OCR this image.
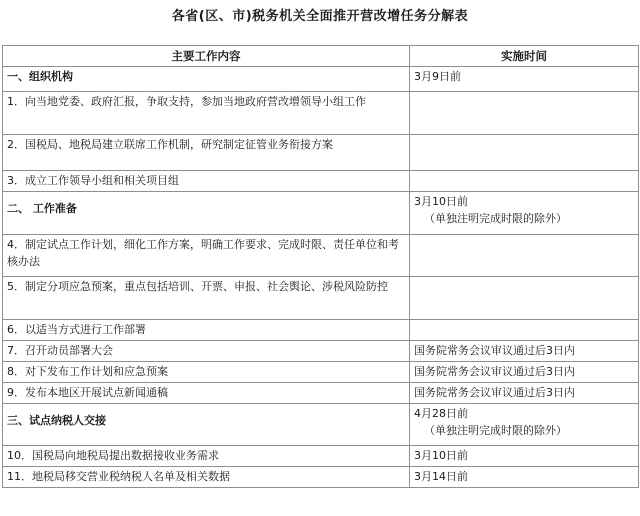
各省(区、市)税务机关全面推开营改增任务分解表
主要工作内容	实施时间
一、组织机构	3月9日前
1．向当地党委、政府汇报，争取支持，参加当地政府营改增领导小组工作	
2．国税局、地税局建立联席工作机制，研究制定征管业务衔接方案	
3．成立工作领导小组和相关项目组	
二、 工作准备	3月10日前
（单独注明完成时限的除外）

4．制定试点工作计划，细化工作方案，明确工作要求、完成时限、责任单位和考核办法	
5．制定分项应急预案，重点包括培训、开票、申报、社会舆论、涉税风险防控	
6．以适当方式进行工作部署	
7．召开动员部署大会	国务院常务会议审议通过后3日内
8．对下发布工作计划和应急预案	国务院常务会议审议通过后3日内
9．发布本地区开展试点新闻通稿	国务院常务会议审议通过后3日内
三、试点纳税人交接	4月28日前
（单独注明完成时限的除外）

10．国税局向地税局提出数据接收业务需求	3月10日前
11．地税局移交营业税纳税人名单及相关数据	3月14日前
